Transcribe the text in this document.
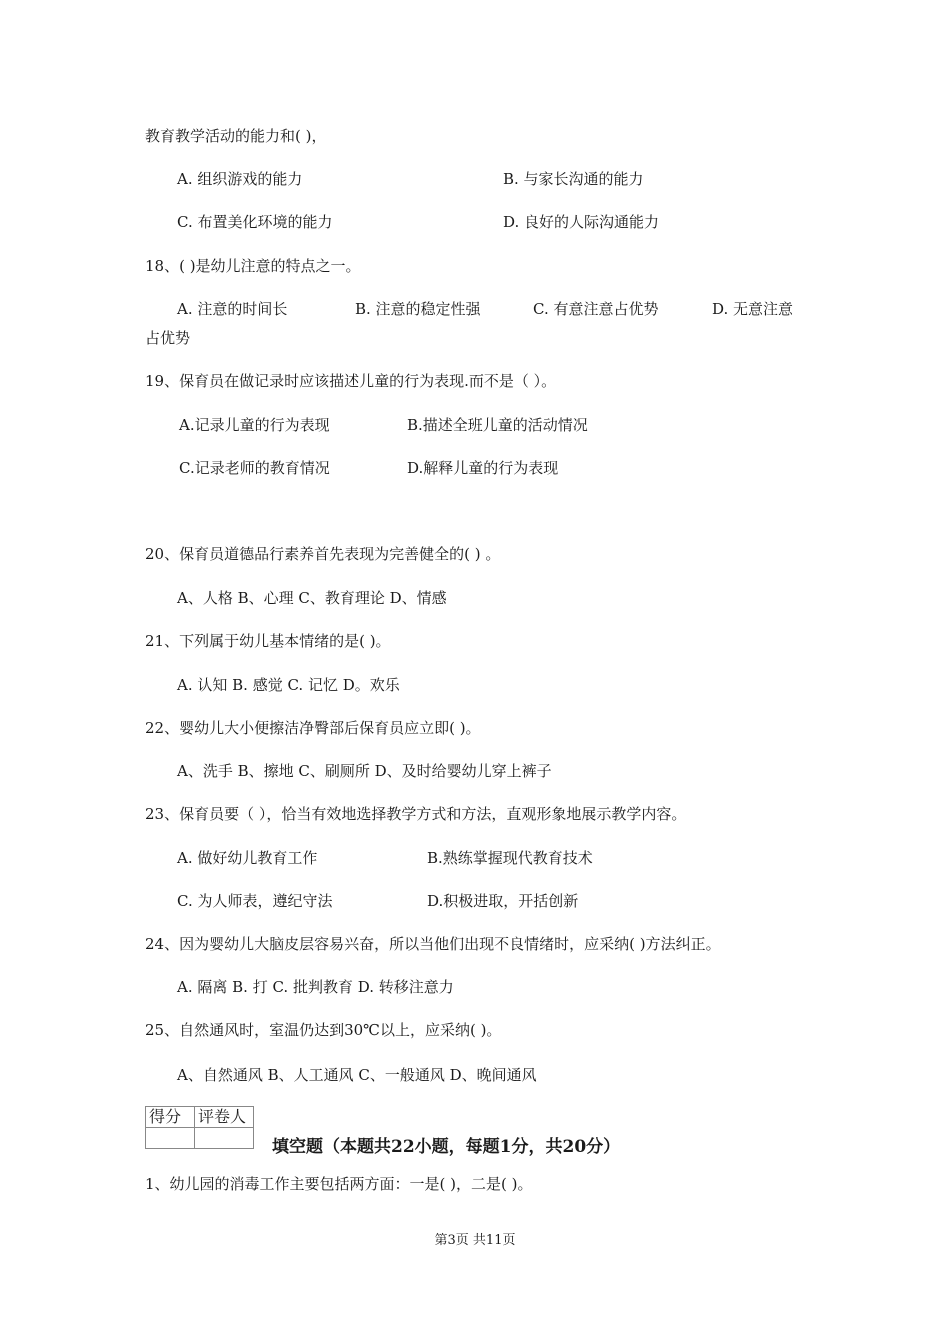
教育教学活动的能力和( )，
A. 组织游戏的能力	B. 与家长沟通的能力
C. 布置美化环境的能力	D. 良好的人际沟通能力
18、( )是幼儿注意的特点之一。
A. 注意的时间长	B. 注意的稳定性强	C. 有意注意占优势	D. 无意注意
占优势
19、保育员在做记录时应该描述儿童的行为表现.而不是（ ）。
A.记录儿童的行为表现	B.描述全班儿童的活动情况
C.记录老师的教育情况	D.解释儿童的行为表现
20、保育员道德品行素养首先表现为完善健全的( ) 。
A、人格 B、心理 C、教育理论 D、情感
21、下列属于幼儿基本情绪的是( )。
A. 认知 B. 感觉 C. 记忆 D。欢乐
22、婴幼儿大小便擦洁净臀部后保育员应立即( )。
A、洗手 B、擦地 C、刷厕所 D、及时给婴幼儿穿上裤子
23、保育员要（ ），恰当有效地选择教学方式和方法，直观形象地展示教学内容。
A. 做好幼儿教育工作	B.熟练掌握现代教育技术
C. 为人师表，遵纪守法	D.积极进取，开括创新
24、因为婴幼儿大脑皮层容易兴奋，所以当他们出现不良情绪时，应采纳( )方法纠正。
A. 隔离 B. 打 C. 批判教育 D. 转移注意力
25、自然通风时，室温仍达到30℃以上，应采纳( )。
A、自然通风 B、人工通风 C、一般通风 D、晚间通风
得分	评卷人

填空题（本题共22小题，每题1分，共20分）
1、幼儿园的消毒工作主要包括两方面：一是( )，二是( )。
第3页 共11页
